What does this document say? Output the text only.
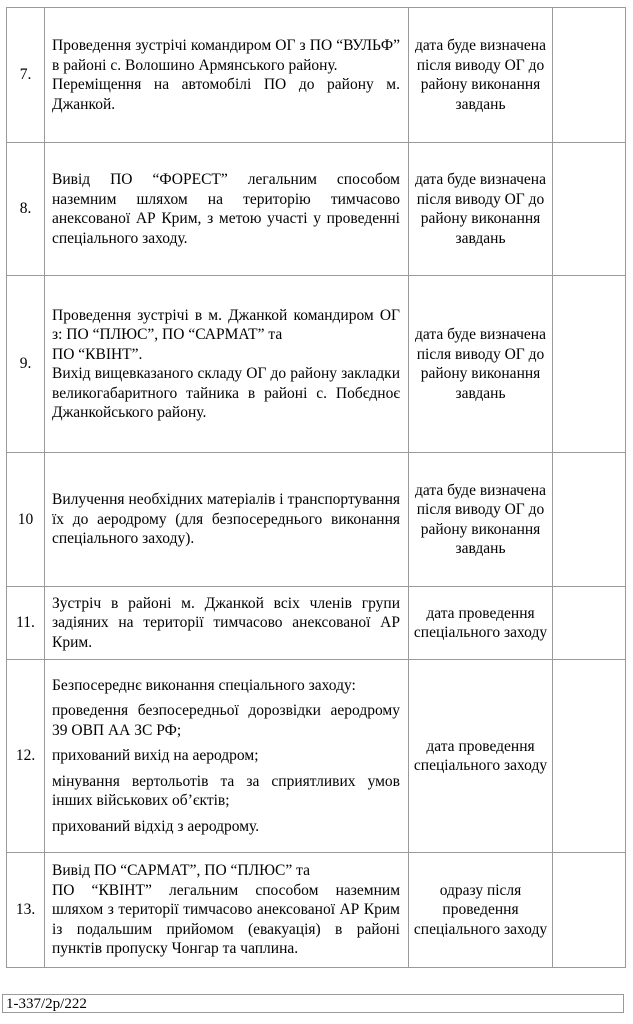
7.	Проведення зустрічі командиром ОГ з ПО “ВУЛЬФ” в районі с. Волошино Армянського району.
Переміщення на автомобілі ПО до району м. Джанкой.	дата буде визначена після виводу ОГ до району виконання завдань	
8.	Вивід ПО “ФОРЕСТ” легальним способом наземним шляхом на територію тимчасово анексованої АР Крим, з метою участі у проведенні спеціального заходу.	дата буде визначена після виводу ОГ до району виконання завдань	
9.	Проведення зустрічі в м. Джанкой командиром ОГ з: ПО “ПЛЮС”, ПО “САРМАТ” та
ПО “КВІНТ”.
Вихід вищевказаного складу ОГ до району закладки великогабаритного тайника в районі с. Побєдноє Джанкойського району.	дата буде визначена після виводу ОГ до району виконання завдань	
10	Вилучення необхідних матеріалів і транспортування їх до аеродрому (для безпосереднього виконання спеціального заходу).	дата буде визначена після виводу ОГ до району виконання завдань	
11.	Зустріч в районі м. Джанкой всіх членів групи задіяних на території тимчасово анексованої АР Крим.	дата проведення спеціального заходу	
12.	Безпосереднє виконання спеціального заходу:
проведення безпосередньої дорозвідки аеродрому 39 ОВП АА ЗС РФ;
прихований вихід на аеродром;
мінування вертольотів та за сприятливих умов інших військових об’єктів;
прихований відхід з аеродрому.	дата проведення спеціального заходу	
13.	Вивід ПО “САРМАТ”, ПО “ПЛЮС” та
ПО “КВІНТ” легальним способом наземним шляхом з території тимчасово анексованої АР Крим із подальшим прийомом (евакуація) в районі пунктів пропуску Чонгар та чаплина.	одразу після проведення спеціального заходу	
1-337/2р/222
